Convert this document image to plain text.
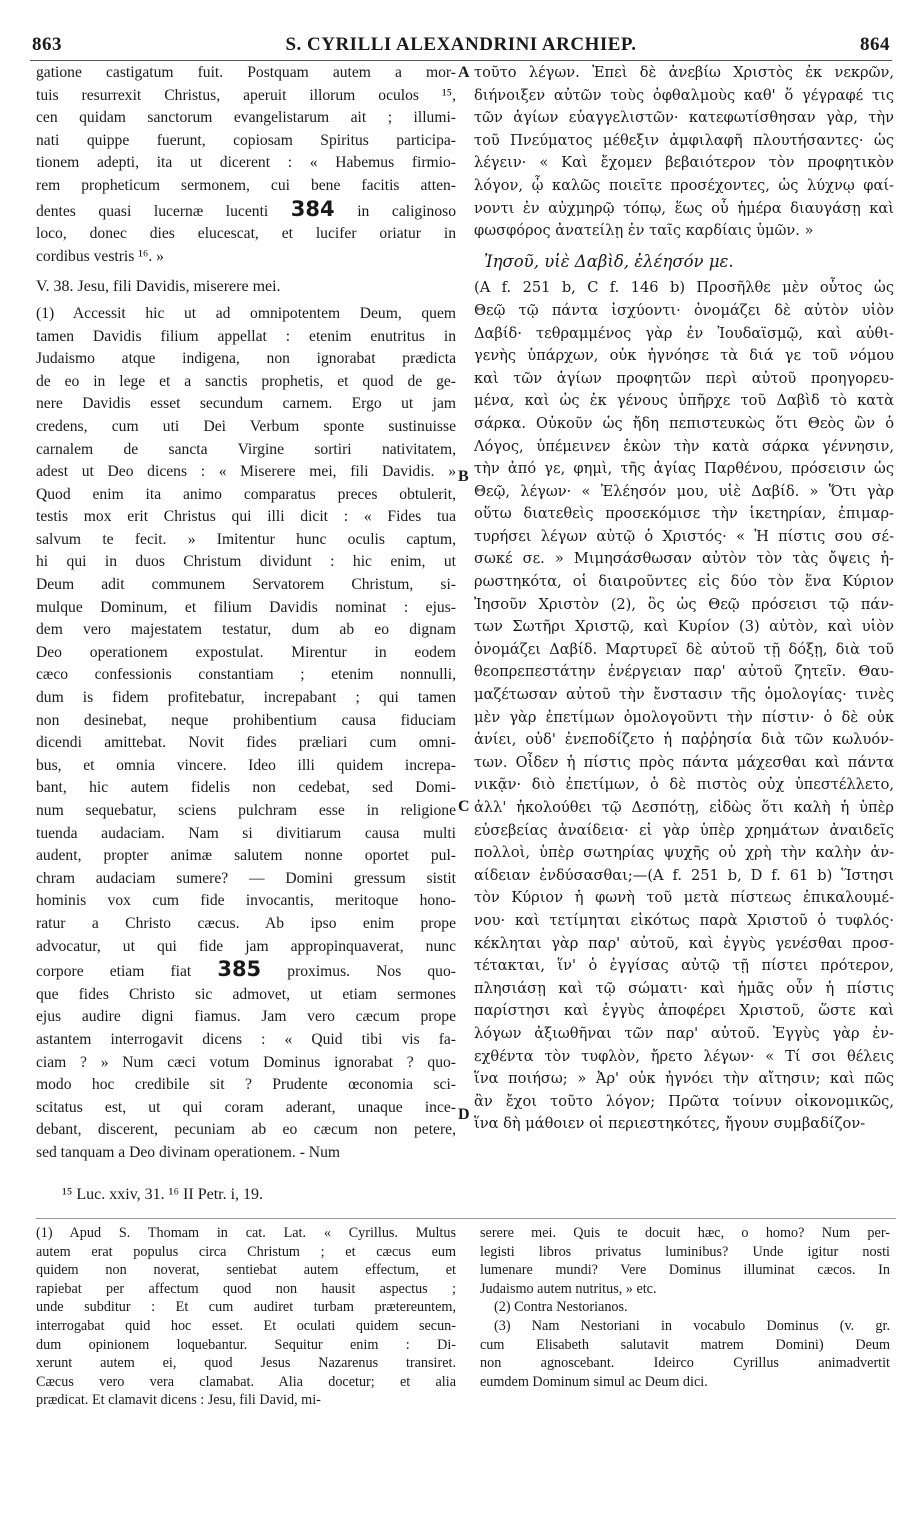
863	S. CYRILLI ALEXANDRINI ARCHIEP.	864
A
B
C
D
gatione castigatum fuit. Postquam autem a mor-
tuis resurrexit Christus, aperuit illorum oculos ¹⁵,
cen quidam sanctorum evangelistarum ait ; illumi-
nati quippe fuerunt, copiosam Spiritus participa-
tionem adepti, ita ut dicerent : « Habemus firmio-
rem propheticum sermonem, cui bene facitis atten-
dentes quasi lucernæ lucenti 384 in caliginoso
loco, donec dies elucescat, et lucifer oriatur in
cordibus vestris ¹⁶. »

V. 38. Jesu, fili Davidis, miserere mei.

(1) Accessit hic ut ad omnipotentem Deum, quem
tamen Davidis filium appellat : etenim enutritus in
Judaismo atque indigena, non ignorabat prædicta
de eo in lege et a sanctis prophetis, et quod de ge-
nere Davidis esset secundum carnem. Ergo ut jam
credens, cum uti Dei Verbum sponte sustinuisse
carnalem de sancta Virgine sortiri nativitatem,
adest ut Deo dicens : « Miserere mei, fili Davidis. »
Quod enim ita animo comparatus preces obtulerit,
testis mox erit Christus qui illi dicit : « Fides tua
salvum te fecit. » Imitentur hunc oculis captum,
hi qui in duos Christum dividunt : hic enim, ut
Deum adit communem Servatorem Christum, si-
mulque Dominum, et filium Davidis nominat : ejus-
dem vero majestatem testatur, dum ab eo dignam
Deo operationem expostulat. Mirentur in eodem
cæco confessionis constantiam ; etenim nonnulli,
dum is fidem profitebatur, increpabant ; qui tamen
non desinebat, neque prohibentium causa fiduciam
dicendi amittebat. Novit fides præliari cum omni-
bus, et omnia vincere. Ideo illi quidem increpa-
bant, hic autem fidelis non cedebat, sed Domi-
num sequebatur, sciens pulchram esse in religione
tuenda audaciam. Nam si divitiarum causa multi
audent, propter animæ salutem nonne oportet pul-
chram audaciam sumere? — Domini gressum sistit
hominis vox cum fide invocantis, meritoque hono-
ratur a Christo cæcus. Ab ipso enim prope
advocatur, ut qui fide jam appropinquaverat, nunc
corpore etiam fiat 385 proximus. Nos quo-
que fides Christo sic admovet, ut etiam sermones
ejus audire digni fiamus. Jam vero cæcum prope
astantem interrogavit dicens : « Quid tibi vis fa-
ciam ? » Num cæci votum Dominus ignorabat ? quo-
modo hoc credibile sit ? Prudente œconomia sci-
scitatus est, ut qui coram aderant, unaque ince-
debant, discerent, pecuniam ab eo cæcum non petere,
sed tanquam a Deo divinam operationem. - Num
τοῦτο λέγων. Ἐπεὶ δὲ ἀνεβίω Χριστὸς ἐκ νεκρῶν,
διήνοιξεν αὐτῶν τοὺς ὀφθαλμοὺς καθ' ὅ γέγραφέ τις
τῶν ἁγίων εὐαγγελιστῶν· κατεφωτίσθησαν γὰρ, τὴν
τοῦ Πνεύματος μέθεξιν ἀμφιλαφῆ πλουτήσαντες· ὡς
λέγειν· « Καὶ ἔχομεν βεβαιότερον τὸν προφητικὸν
λόγον, ᾧ καλῶς ποιεῖτε προσέχοντες, ὡς λύχνῳ φαί-
νοντι ἐν αὐχμηρῷ τόπῳ, ἕως οὗ ἡμέρα διαυγάσῃ καὶ
φωσφόρος ἀνατείλῃ ἐν ταῖς καρδίαις ὑμῶν. »

Ἰησοῦ, υἱὲ Δαβὶδ, ἐλέησόν με.

(A f. 251 b, C f. 146 b) Προσῆλθε μὲν οὗτος ὡς
Θεῷ τῷ πάντα ἰσχύοντι· ὀνομάζει δὲ αὐτὸν υἱὸν
Δαβίδ· τεθραμμένος γὰρ ἐν Ἰουδαϊσμῷ, καὶ αὐθι-
γενὴς ὑπάρχων, οὐκ ἠγνόησε τὰ διά γε τοῦ νόμου
καὶ τῶν ἁγίων προφητῶν περὶ αὐτοῦ προηγορευ-
μένα, καὶ ὡς ἐκ γένους ὑπῆρχε τοῦ Δαβὶδ τὸ κατὰ
σάρκα. Οὐκοῦν ὡς ἤδη πεπιστευκὼς ὅτι Θεὸς ὢν ὁ
Λόγος, ὑπέμεινεν ἑκὼν τὴν κατὰ σάρκα γέννησιν,
τὴν ἀπό γε, φημὶ, τῆς ἁγίας Παρθένου, πρόσεισιν ὡς
Θεῷ, λέγων· « Ἐλέησόν μου, υἱὲ Δαβίδ. » Ὅτι γὰρ
οὕτω διατεθεὶς προσεκόμισε τὴν ἱκετηρίαν, ἐπιμαρ-
τυρήσει λέγων αὐτῷ ὁ Χριστός· « Ἡ πίστις σου σέ-
σωκέ σε. » Μιμησάσθωσαν αὐτὸν τὸν τὰς ὄψεις ἠ-
ρωστηκότα, οἱ διαιροῦντες εἰς δύο τὸν ἕνα Κύριον
Ἰησοῦν Χριστὸν (2), ὃς ὡς Θεῷ πρόσεισι τῷ πάν-
των Σωτῆρι Χριστῷ, καὶ Κυρίον (3) αὐτὸν, καὶ υἱὸν
ὀνομάζει Δαβίδ. Μαρτυρεῖ δὲ αὐτοῦ τῇ δόξῃ, διὰ τοῦ
θεοπρεπεστάτην ἐνέργειαν παρ' αὐτοῦ ζητεῖν. Θαυ-
μαζέτωσαν αὐτοῦ τὴν ἔνστασιν τῆς ὁμολογίας· τινὲς
μὲν γὰρ ἐπετίμων ὁμολογοῦντι τὴν πίστιν· ὁ δὲ οὐκ
ἀνίει, οὐδ' ἐνεποδίζετο ἡ παῤῥησία διὰ τῶν κωλυόν-
των. Οἶδεν ἡ πίστις πρὸς πάντα μάχεσθαι καὶ πάντα
νικᾷν· διὸ ἐπετίμων, ὁ δὲ πιστὸς οὐχ ὑπεστέλλετο,
ἀλλ' ἠκολούθει τῷ Δεσπότῃ, εἰδὼς ὅτι καλὴ ἡ ὑπὲρ
εὐσεβείας ἀναίδεια· εἰ γὰρ ὑπὲρ χρημάτων ἀναιδεῖς
πολλοὶ, ὑπὲρ σωτηρίας ψυχῆς οὐ χρὴ τὴν καλὴν ἀν-
αίδειαν ἐνδύσασθαι;—(A f. 251 b, D f. 61 b) Ἵστησι
τὸν Κύριον ἡ φωνὴ τοῦ μετὰ πίστεως ἐπικαλουμέ-
νου· καὶ τετίμηται εἰκότως παρὰ Χριστοῦ ὁ τυφλός·
κέκληται γὰρ παρ' αὐτοῦ, καὶ ἐγγὺς γενέσθαι προσ-
τέτακται, ἵν' ὁ ἐγγίσας αὐτῷ τῇ πίστει πρότερον,
πλησιάσῃ καὶ τῷ σώματι· καὶ ἡμᾶς οὖν ἡ πίστις
παρίστησι καὶ ἐγγὺς ἀποφέρει Χριστοῦ, ὥστε καὶ
λόγων ἀξιωθῆναι τῶν παρ' αὐτοῦ. Ἐγγὺς γὰρ ἐν-
εχθέντα τὸν τυφλὸν, ἤρετο λέγων· « Τί σοι θέλεις
ἵνα ποιήσω; » Ἀρ' οὐκ ἠγνόει τὴν αἴτησιν; καὶ πῶς
ἂν ἔχοι τοῦτο λόγον; Πρῶτα τοίνυν οἰκονομικῶς,
ἵνα δὴ μάθοιεν οἱ περιεστηκότες, ἤγουν συμβαδίζον-
¹⁵ Luc. xxiv, 31. ¹⁶ II Petr. i, 19.
(1) Apud S. Thomam in cat. Lat. « Cyrillus. Multus
autem erat populus circa Christum ; et cæcus eum
quidem non noverat, sentiebat autem effectum, et
rapiebat per affectum quod non hausit aspectus ;
unde subditur : Et cum audiret turbam prætereuntem,
interrogabat quid hoc esset. Et oculati quidem secun-
dum opinionem loquebantur. Sequitur enim : Di-
xerunt autem ei, quod Jesus Nazarenus transiret.
Cæcus vero vera clamabat. Alia docetur; et alia
prædicat. Et clamavit dicens : Jesu, fili David, mi-
serere mei. Quis te docuit hæc, o homo? Num per-
legisti libros privatus luminibus? Unde igitur nosti
lumenare mundi? Vere Dominus illuminat cæcos. In
Judaismo autem nutritus, » etc.
(2) Contra Nestorianos.
(3) Nam Nestoriani in vocabulo Dominus (v. gr.
cum Elisabeth salutavit matrem Domini) Deum
non agnoscebant. Ideirco Cyrillus animadvertit
eumdem Dominum simul ac Deum dici.
